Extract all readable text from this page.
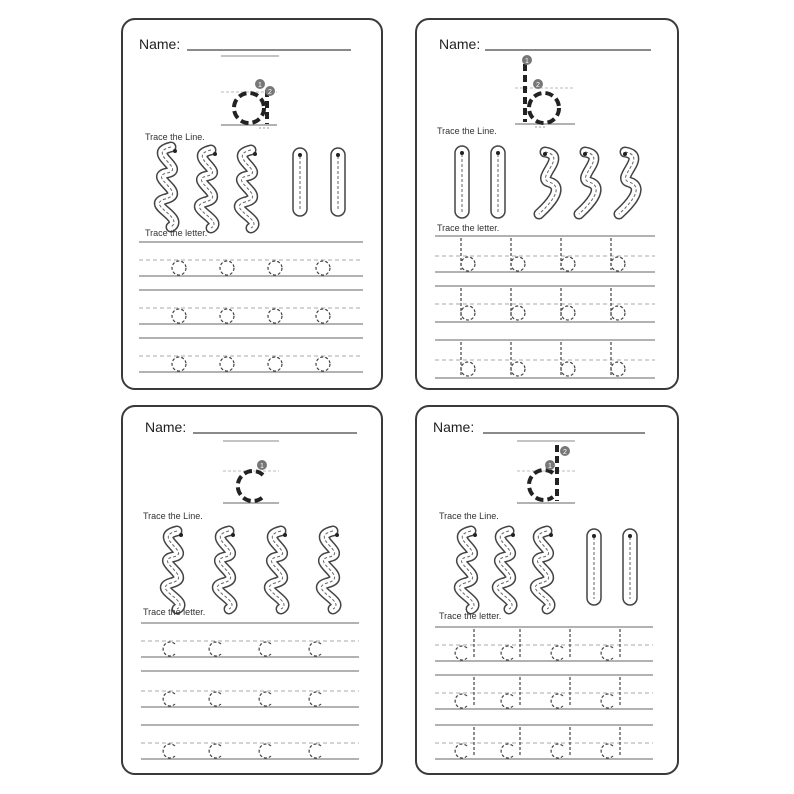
Name:
1
2
Trace the Line.
Trace the letter.
Name:
1
2
Trace the Line.
Trace the letter.
Name:
1
Trace the Line.
Trace the letter.
Name:
1
2
Trace the Line.
Trace the letter.
